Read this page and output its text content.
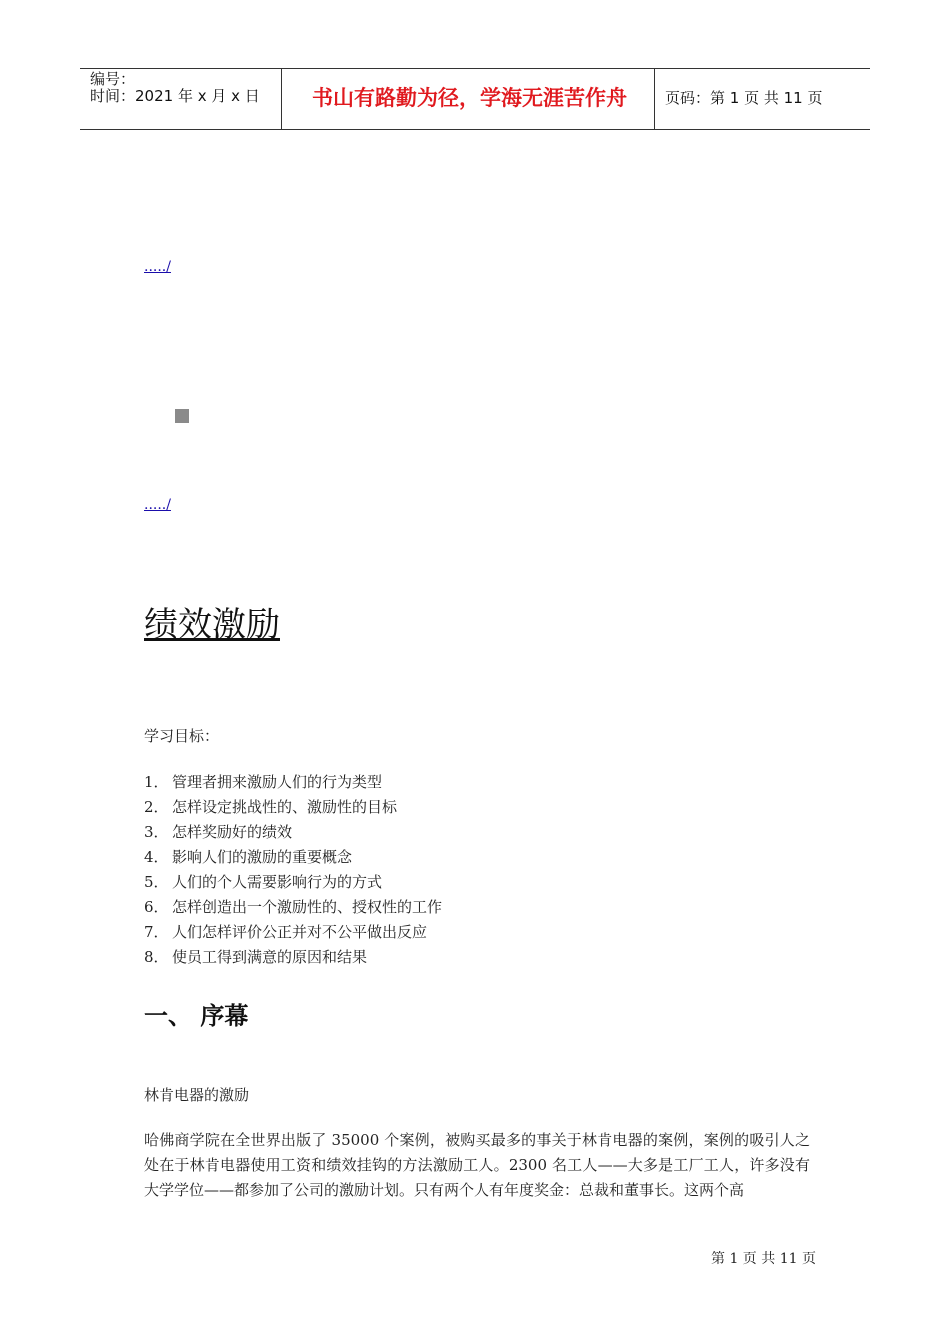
编号：
时间：2021 年 x 月 x 日	书山有路勤为径，学海无涯苦作舟	页码：第 1 页 共 11 页
...../
...../
绩效激励

学习目标：

1． 管理者拥来激励人们的行为类型
2． 怎样设定挑战性的、激励性的目标
3． 怎样奖励好的绩效
4． 影响人们的激励的重要概念
5． 人们的个人需要影响行为的方式
6． 怎样创造出一个激励性的、授权性的工作
7． 人们怎样评价公正并对不公平做出反应
8． 使员工得到满意的原因和结果
一、 序幕

林肯电器的激励

哈佛商学院在全世界出版了 35000 个案例，被购买最多的事关于林肯电器的案例，案例的吸引人之处在于林肯电器使用工资和绩效挂钩的方法激励工人。2300 名工人——大多是工厂工人，许多没有大学学位——都参加了公司的激励计划。只有两个人有年度奖金：总裁和董事长。这两个高

第 1 页 共 11 页
